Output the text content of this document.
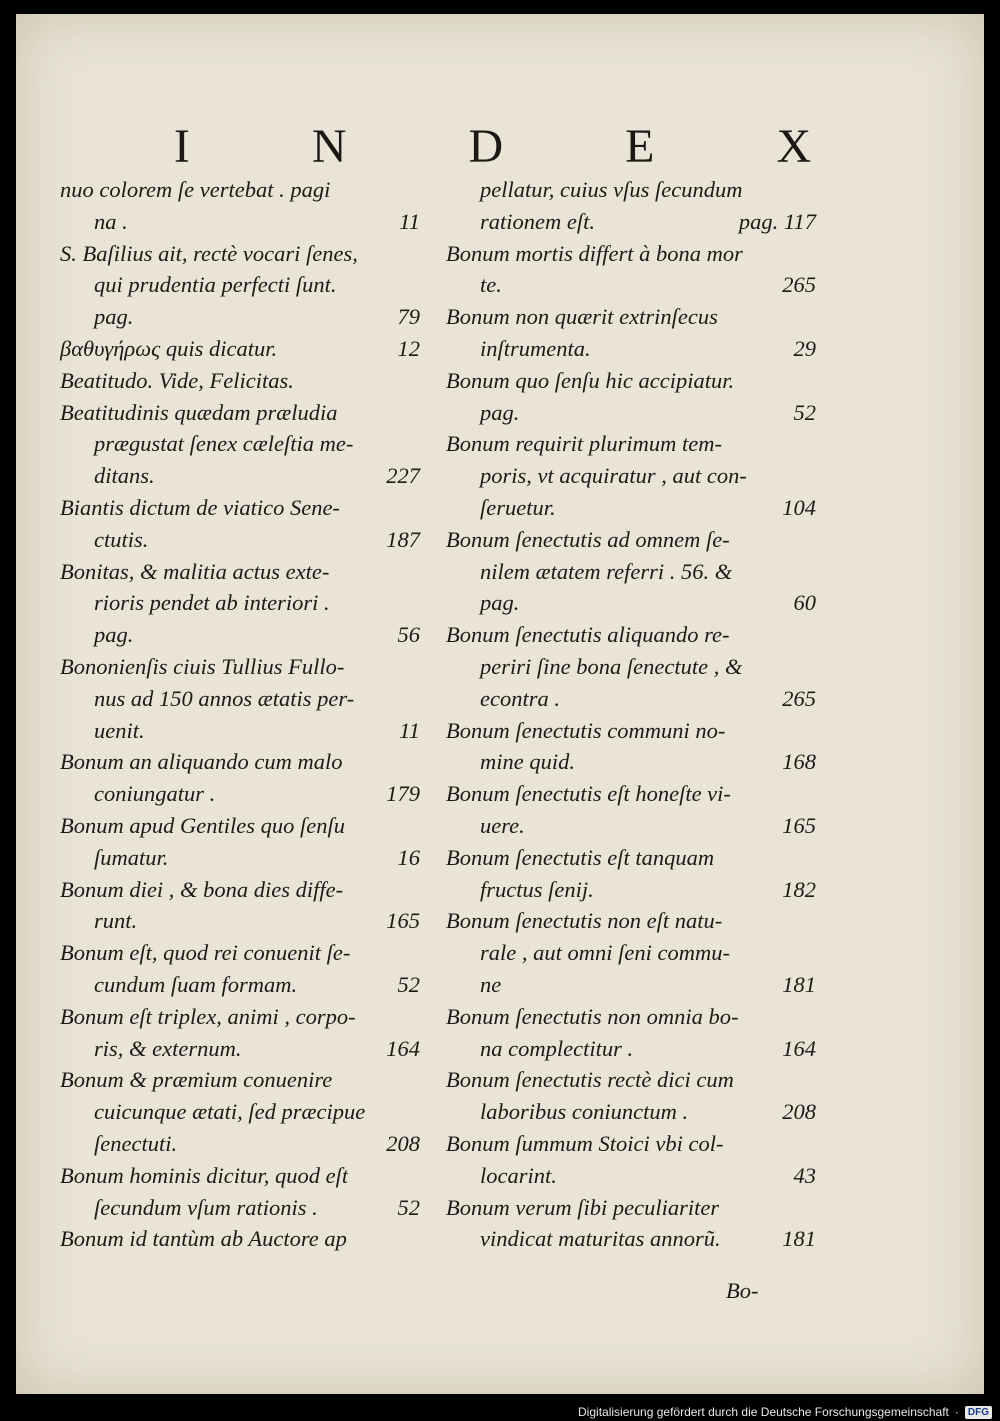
I N D E X
nuo colorem ſe vertebat . pagi
na .	11
S. Baſilius ait, rectè vocari ſenes,
qui prudentia perfecti ſunt.
pag.	79
βαθυγήρως quis dicatur.	12
Beatitudo. Vide, Felicitas.
Beatitudinis quædam præludia
prægustat ſenex cæleſtia me-
ditans.	227
Biantis dictum de viatico Sene-
ctutis.	187
Bonitas, & malitia actus exte-
rioris pendet ab interiori .
pag.	56
Bononienſis ciuis Tullius Fullo-
nus ad 150 annos ætatis per-
uenit.	11
Bonum an aliquando cum malo
coniungatur .	179
Bonum apud Gentiles quo ſenſu
ſumatur.	16
Bonum diei , & bona dies diffe-
runt.	165
Bonum eſt, quod rei conuenit ſe-
cundum ſuam formam.	52
Bonum eſt triplex, animi , corpo-
ris, & externum.	164
Bonum & præmium conuenire
cuicunque ætati, ſed præcipue
ſenectuti.	208
Bonum hominis dicitur, quod eſt
ſecundum vſum rationis .	52
Bonum id tantùm ab Auctore ap
pellatur, cuius vſus ſecundum
rationem eſt.	pag. 117
Bonum mortis differt à bona mor
te.	265
Bonum non quærit extrinſecus
inſtrumenta.	29
Bonum quo ſenſu hic accipiatur.
pag.	52
Bonum requirit plurimum tem-
poris, vt acquiratur , aut con-
ſeruetur.	104
Bonum ſenectutis ad omnem ſe-
nilem ætatem referri . 56. &
pag.	60
Bonum ſenectutis aliquando re-
periri ſine bona ſenectute , &
econtra .	265
Bonum ſenectutis communi no-
mine quid.	168
Bonum ſenectutis eſt honeſte vi-
uere.	165
Bonum ſenectutis eſt tanquam
fructus ſenij.	182
Bonum ſenectutis non eſt natu-
rale , aut omni ſeni commu-
ne	181
Bonum ſenectutis non omnia bo-
na complectitur .	164
Bonum ſenectutis rectè dici cum
laboribus coniunctum .	208
Bonum ſummum Stoici vbi col-
locarint.	43
Bonum verum ſibi peculiariter
vindicat maturitas annorũ.	181
Bo-
Digitalisierung gefördert durch die Deutsche Forschungsgemeinschaft · DFG
